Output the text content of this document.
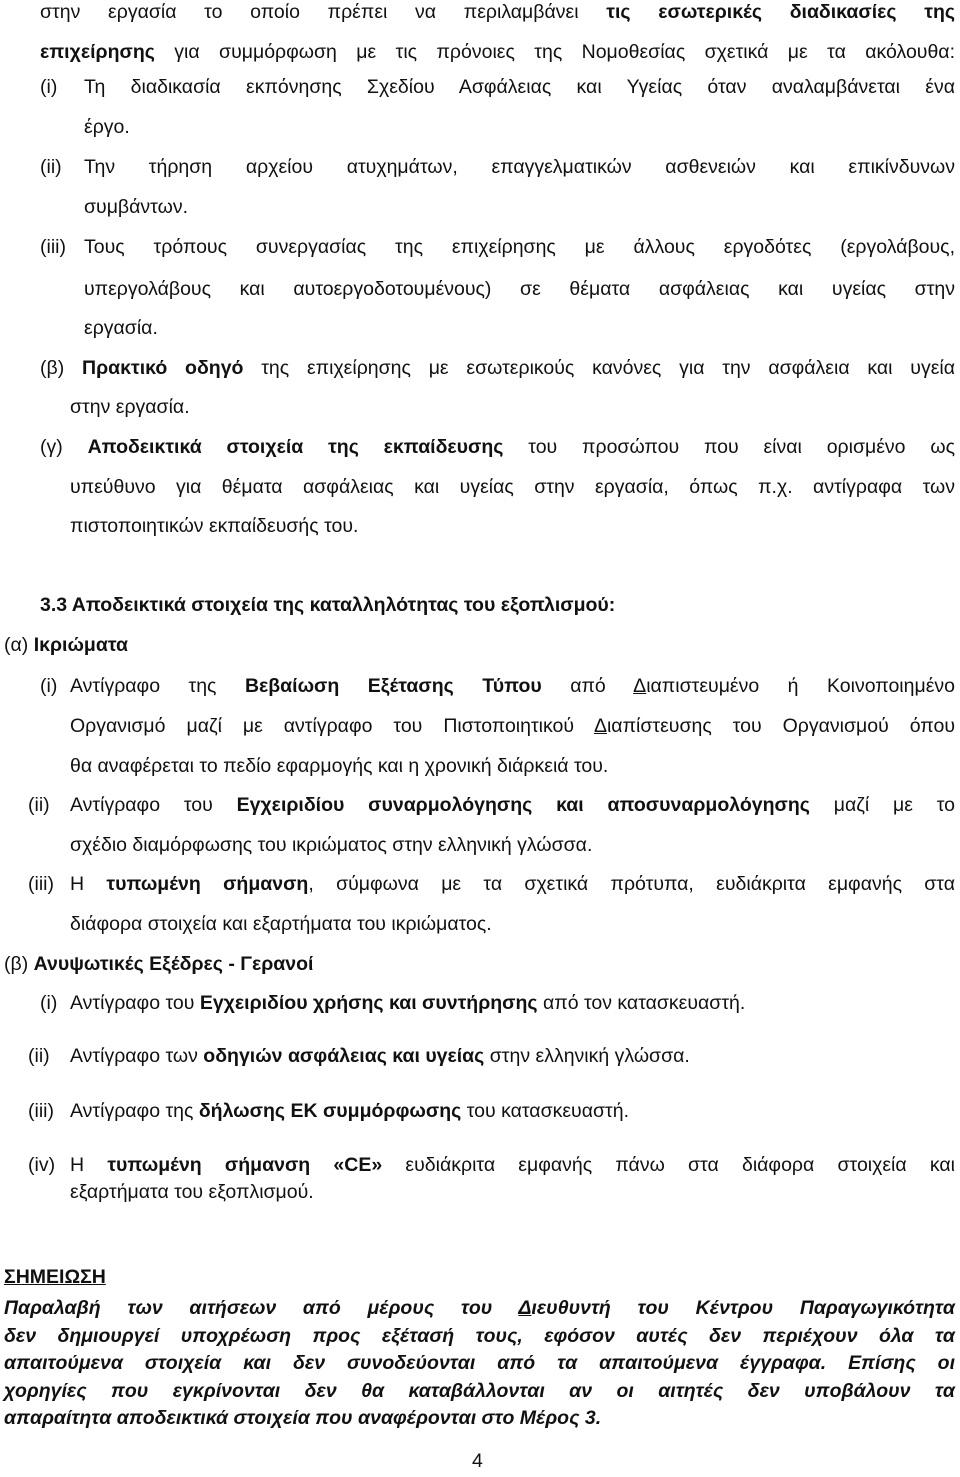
στην εργασία το οποίο πρέπει να περιλαμβάνει τις εσωτερικές διαδικασίες της
επιχείρησης για συμμόρφωση με τις πρόνοιες της Νομοθεσίας σχετικά με τα ακόλουθα:
(i) Τη διαδικασία εκπόνησης Σχεδίου Ασφάλειας και Υγείας όταν αναλαμβάνεται ένα
έργο.
(ii) Την τήρηση αρχείου ατυχημάτων, επαγγελματικών ασθενειών και επικίνδυνων
συμβάντων.
(iii) Τους τρόπους συνεργασίας της επιχείρησης με άλλους εργοδότες (εργολάβους,
υπεργολάβους και αυτοεργοδοτουμένους) σε θέματα ασφάλειας και υγείας στην
εργασία.
(β) Πρακτικό οδηγό της επιχείρησης με εσωτερικούς κανόνες για την ασφάλεια και υγεία
στην εργασία.
(γ) Αποδεικτικά στοιχεία της εκπαίδευσης του προσώπου που είναι ορισμένο ως
υπεύθυνο για θέματα ασφάλειας και υγείας στην εργασία, όπως π.χ. αντίγραφα των
πιστοποιητικών εκπαίδευσής του.
3.3 Αποδεικτικά στοιχεία της καταλληλότητας του εξοπλισμού:
(α) Ικριώματα
(i) Αντίγραφο της Βεβαίωση Εξέτασης Τύπου από Διαπιστευμένο ή Κοινοποιημένο
Οργανισμό μαζί με αντίγραφο του Πιστοποιητικού Διαπίστευσης του Οργανισμού όπου
θα αναφέρεται το πεδίο εφαρμογής και η χρονική διάρκειά του.
(ii) Αντίγραφο του Εγχειριδίου συναρμολόγησης και αποσυναρμολόγησης μαζί με το
σχέδιο διαμόρφωσης του ικριώματος στην ελληνική γλώσσα.
(iii) Η τυπωμένη σήμανση, σύμφωνα με τα σχετικά πρότυπα, ευδιάκριτα εμφανής στα
διάφορα στοιχεία και εξαρτήματα του ικριώματος.
(β) Ανυψωτικές Εξέδρες - Γερανοί
(i) Αντίγραφο του Εγχειριδίου χρήσης και συντήρησης από τον κατασκευαστή.
(ii) Αντίγραφο των οδηγιών ασφάλειας και υγείας στην ελληνική γλώσσα.
(iii) Αντίγραφο της δήλωσης ΕΚ συμμόρφωσης του κατασκευαστή.
(iv) Η τυπωμένη σήμανση «CE» ευδιάκριτα εμφανής πάνω στα διάφορα στοιχεία και
εξαρτήματα του εξοπλισμού.
ΣΗΜΕΙΩΣΗ
Παραλαβή των αιτήσεων από μέρους του Διευθυντή του Κέντρου Παραγωγικότητα
δεν δημιουργεί υποχρέωση προς εξέτασή τους, εφόσον αυτές δεν περιέχουν όλα τα
απαιτούμενα στοιχεία και δεν συνοδεύονται από τα απαιτούμενα έγγραφα. Επίσης οι
χορηγίες που εγκρίνονται δεν θα καταβάλλονται αν οι αιτητές δεν υποβάλουν τα
απαραίτητα αποδεικτικά στοιχεία που αναφέρονται στο Μέρος 3.
4
